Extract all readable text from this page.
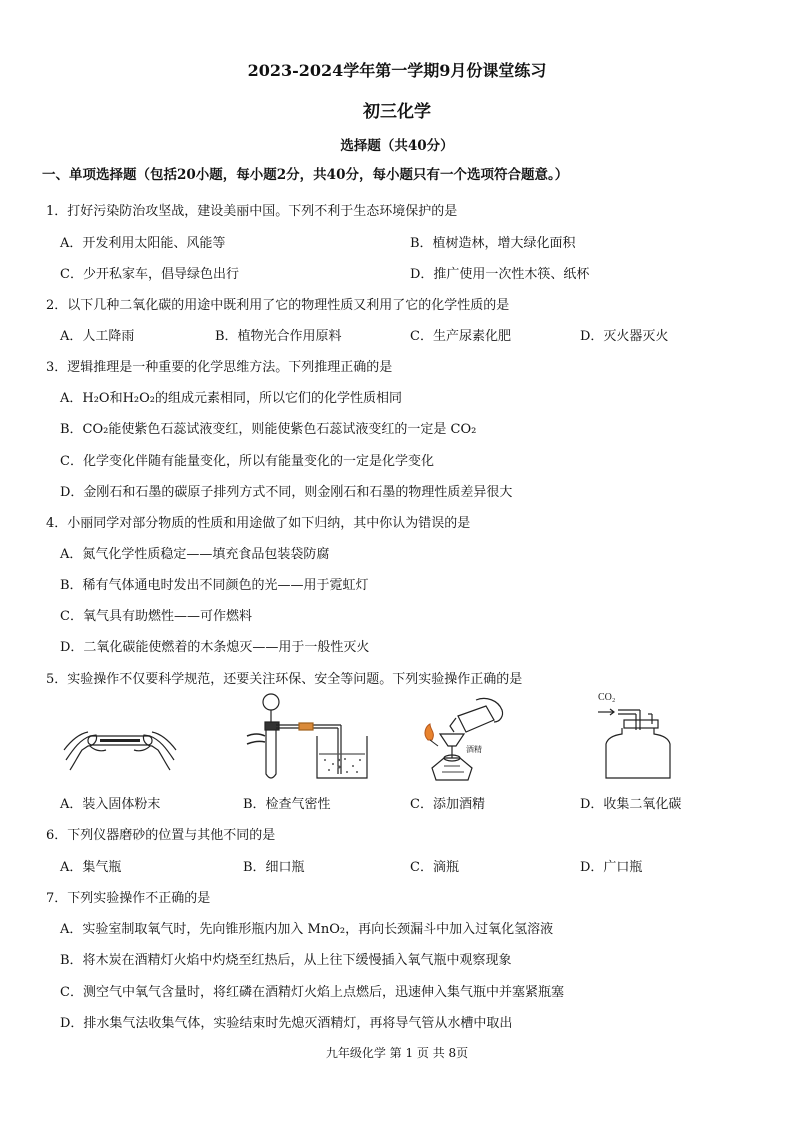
2023-2024学年第一学期9月份课堂练习
初三化学
选择题（共40分）
一、单项选择题（包括20小题，每小题2分，共40分，每小题只有一个选项符合题意。）
1．打好污染防治攻坚战，建设美丽中国。下列不利于生态环境保护的是
A．开发利用太阳能、风能等	B．植树造林，增大绿化面积
C．少开私家车，倡导绿色出行	D．推广使用一次性木筷、纸杯
2．以下几种二氧化碳的用途中既利用了它的物理性质又利用了它的化学性质的是
A．人工降雨	B．植物光合作用原料	C．生产尿素化肥	D．灭火器灭火
3．逻辑推理是一种重要的化学思维方法。下列推理正确的是
A．H₂O和H₂O₂的组成元素相同，所以它们的化学性质相同
B．CO₂能使紫色石蕊试液变红，则能使紫色石蕊试液变红的一定是 CO₂
C．化学变化伴随有能量变化，所以有能量变化的一定是化学变化
D．金刚石和石墨的碳原子排列方式不同，则金刚石和石墨的物理性质差异很大
4．小丽同学对部分物质的性质和用途做了如下归纳，其中你认为错误的是
A．氮气化学性质稳定——填充食品包装袋防腐
B．稀有气体通电时发出不同颜色的光——用于霓虹灯
C．氧气具有助燃性——可作燃料
D．二氧化碳能使燃着的木条熄灭——用于一般性灭火
5．实验操作不仅要科学规范，还要关注环保、安全等问题。下列实验操作正确的是
酒精
CO₂
A．装入固体粉末	B．检查气密性	C．添加酒精	D．收集二氧化碳
6．下列仪器磨砂的位置与其他不同的是
A．集气瓶	B．细口瓶	C．滴瓶	D．广口瓶
7．下列实验操作不正确的是
A．实验室制取氧气时，先向锥形瓶内加入 MnO₂，再向长颈漏斗中加入过氧化氢溶液
B．将木炭在酒精灯火焰中灼烧至红热后，从上往下缓慢插入氧气瓶中观察现象
C．测空气中氧气含量时，将红磷在酒精灯火焰上点燃后，迅速伸入集气瓶中并塞紧瓶塞
D．排水集气法收集气体，实验结束时先熄灭酒精灯，再将导气管从水槽中取出
九年级化学 第 1 页 共 8页
